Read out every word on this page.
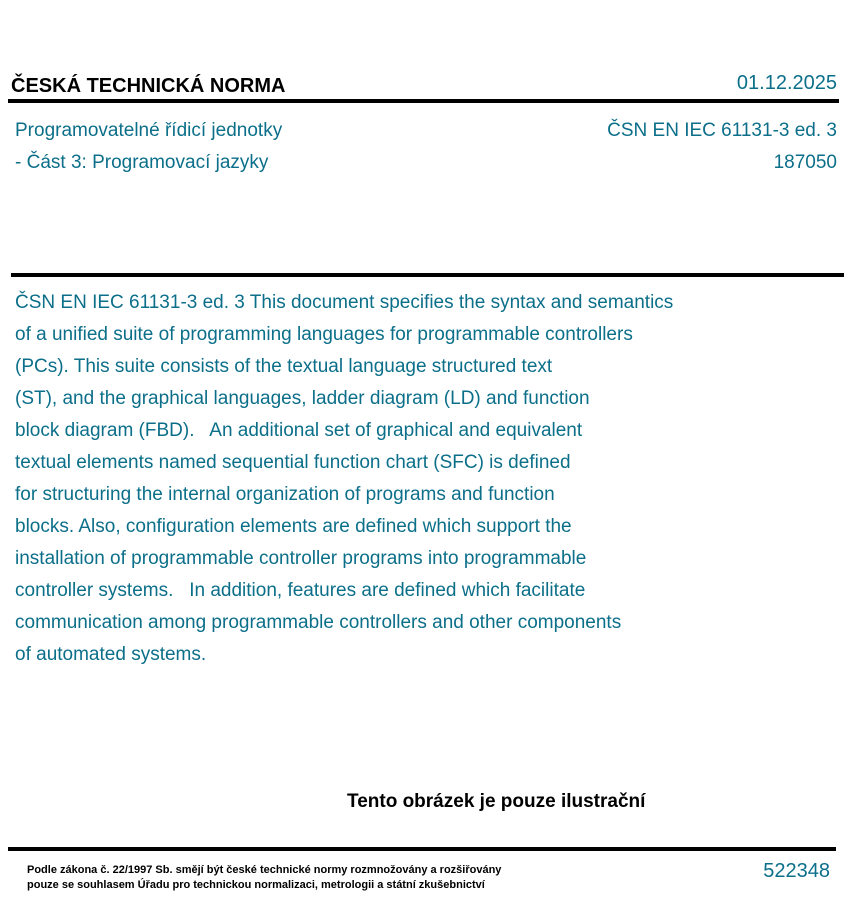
ČESKÁ TECHNICKÁ NORMA	01.12.2025
Programovatelné řídicí jednotky
- Část 3: Programovací jazyky
ČSN EN IEC 61131-3 ed. 3
187050
ČSN EN IEC 61131-3 ed. 3 This document specifies the syntax and semantics
of a unified suite of programming languages for programmable controllers
(PCs). This suite consists of the textual language structured text
(ST), and the graphical languages, ladder diagram (LD) and function
block diagram (FBD).   An additional set of graphical and equivalent
textual elements named sequential function chart (SFC) is defined
for structuring the internal organization of programs and function
blocks. Also, configuration elements are defined which support the
installation of programmable controller programs into programmable
controller systems.   In addition, features are defined which facilitate
communication among programmable controllers and other components
of automated systems.
Tento obrázek je pouze ilustrační
Podle zákona č. 22/1997 Sb. smějí být české technické normy rozmnožovány a rozšiřovány
pouze se souhlasem Úřadu pro technickou normalizaci, metrologii a státní zkušebnictví
522348
